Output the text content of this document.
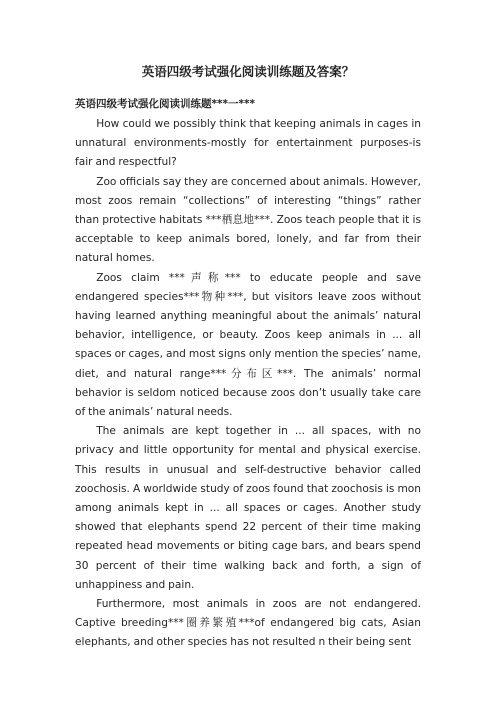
英语四级考试强化阅读训练题及答案？
英语四级考试强化阅读训练题***一***

How could we possibly think that keeping animals in cages in unnatural environments-mostly for entertainment purposes-is fair and respectful?

Zoo officials say they are concerned about animals. However, most zoos remain “collections” of interesting “things” rather than protective habitats ***栖息地***. Zoos teach people that it is acceptable to keep animals bored, lonely, and far from their natural homes.

Zoos claim ***声称*** to educate people and save endangered species***物种***, but visitors leave zoos without having learned anything meaningful about the animals’ natural behavior, intelligence, or beauty. Zoos keep animals in ... all spaces or cages, and most signs only mention the species’ name, diet, and natural range***分布区***. The animals’ normal behavior is seldom noticed because zoos don’t usually take care of the animals’ natural needs.

The animals are kept together in ... all spaces, with no privacy and little opportunity for mental and physical exercise. This results in unusual and self-destructive behavior called zoochosis. A worldwide study of zoos found that zoochosis is mon among animals kept in ... all spaces or cages. Another study showed that elephants spend 22 percent of their time making repeated head movements or biting cage bars, and bears spend 30 percent of their time walking back and forth, a sign of unhappiness and pain.

Furthermore, most animals in zoos are not endangered. Captive breeding***圈养繁殖***of endangered big cats, Asian elephants, and other species has not resulted n their being sent
